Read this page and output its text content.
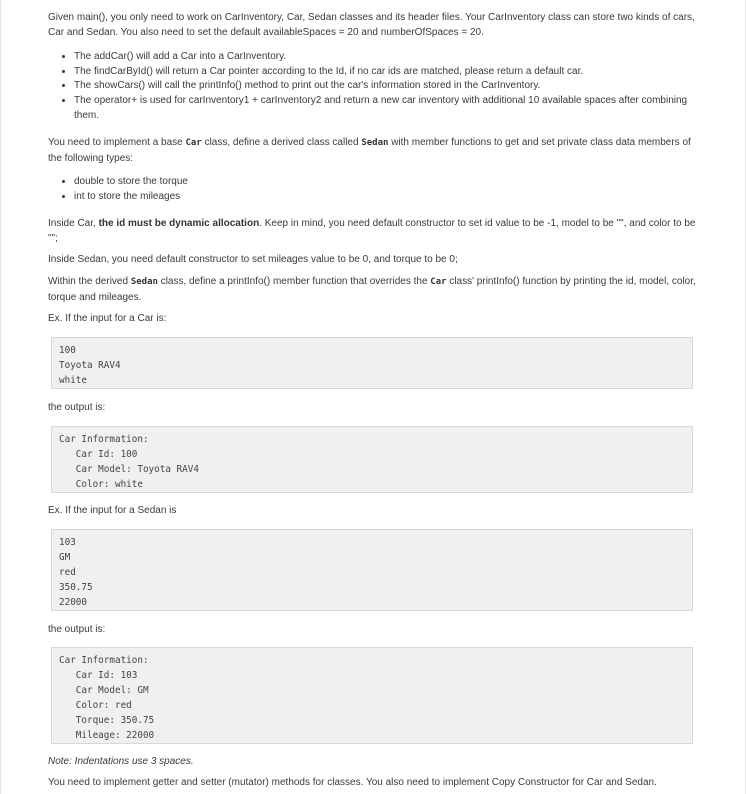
Given main(), you only need to work on CarInventory, Car, Sedan classes and its header files. Your CarInventory class can store two kinds of cars, Car and Sedan. You also need to set the default availableSpaces = 20 and numberOfSpaces = 20.

• The addCar() will add a Car into a CarInventory.
• The findCarById() will return a Car pointer according to the Id, if no car ids are matched, please return a default car.
• The showCars() will call the printInfo() method to print out the car's information stored in the CarInventory.
• The operator+ is used for carInventory1 + carInventory2 and return a new car inventory with additional 10 available spaces after combining them.

You need to implement a base Car class, define a derived class called Sedan with member functions to get and set private class data members of the following types:

• double to store the torque
• int to store the mileages

Inside Car, the id must be dynamic allocation. Keep in mind, you need default constructor to set id value to be -1, model to be "", and color to be "";

Inside Sedan, you need default constructor to set mileages value to be 0, and torque to be 0;

Within the derived Sedan class, define a printInfo() member function that overrides the Car class' printInfo() function by printing the id, model, color, torque and mileages.

Ex. If the input for a Car is:

100
Toyota RAV4
white

the output is:

Car Information:
Car Id: 100
Car Model: Toyota RAV4
Color: white

Ex. If the input for a Sedan is

103
GM
red
350.75
22000

the output is:

Car Information:
Car Id: 103
Car Model: GM
Color: red
Torque: 350.75
Mileage: 22000

Note: Indentations use 3 spaces.

You need to implement getter and setter (mutator) methods for classes. You also need to implement Copy Constructor for Car and Sedan.
